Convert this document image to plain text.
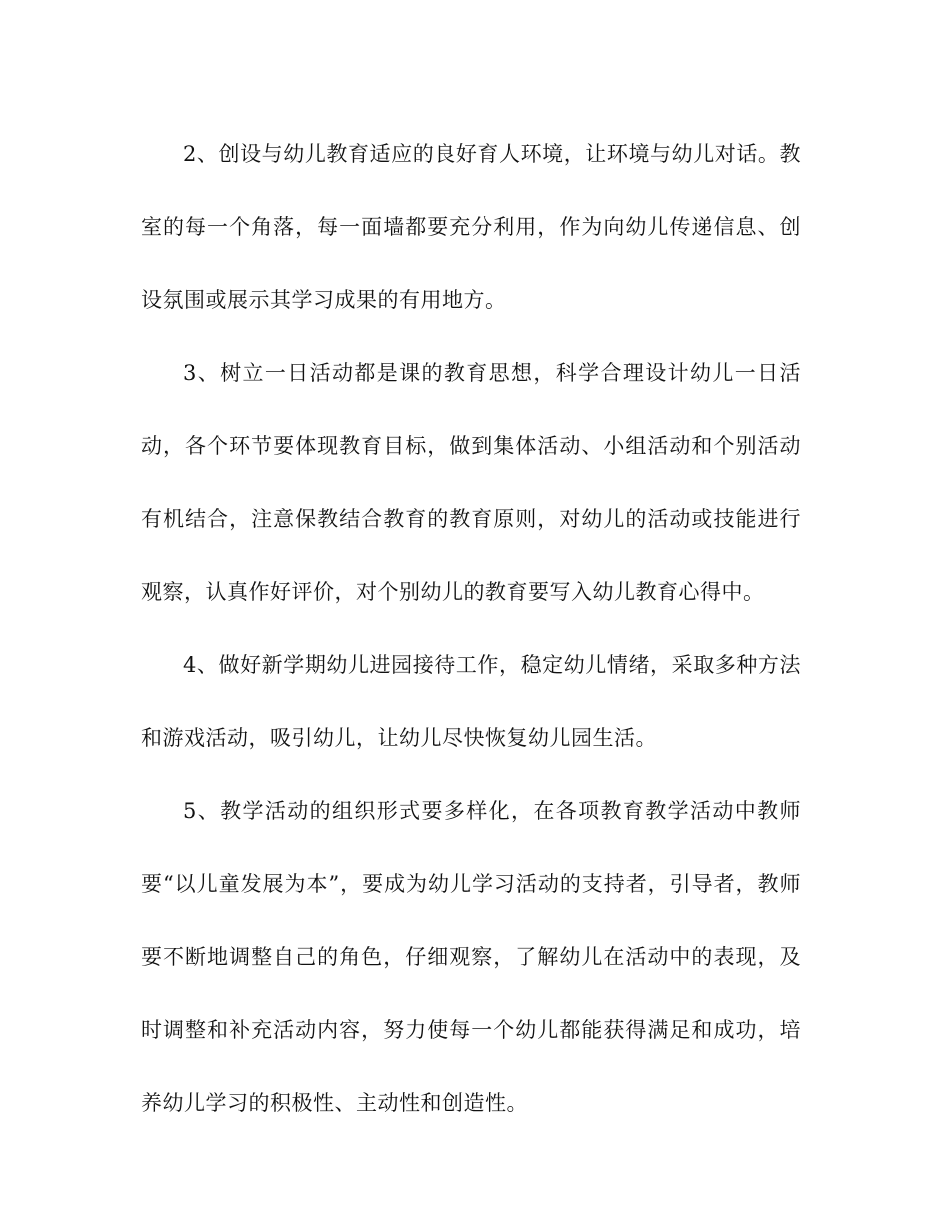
2、创设与幼儿教育适应的良好育人环境，让环境与幼儿对话。教室的每一个角落，每一面墙都要充分利用，作为向幼儿传递信息、创设氛围或展示其学习成果的有用地方。

3、树立一日活动都是课的教育思想，科学合理设计幼儿一日活动，各个环节要体现教育目标，做到集体活动、小组活动和个别活动有机结合，注意保教结合教育的教育原则，对幼儿的活动或技能进行观察，认真作好评价，对个别幼儿的教育要写入幼儿教育心得中。

4、做好新学期幼儿进园接待工作，稳定幼儿情绪，采取多种方法和游戏活动，吸引幼儿，让幼儿尽快恢复幼儿园生活。

5、教学活动的组织形式要多样化，在各项教育教学活动中教师要“以儿童发展为本”，要成为幼儿学习活动的支持者，引导者，教师要不断地调整自己的角色，仔细观察，了解幼儿在活动中的表现，及时调整和补充活动内容，努力使每一个幼儿都能获得满足和成功，培养幼儿学习的积极性、主动性和创造性。
